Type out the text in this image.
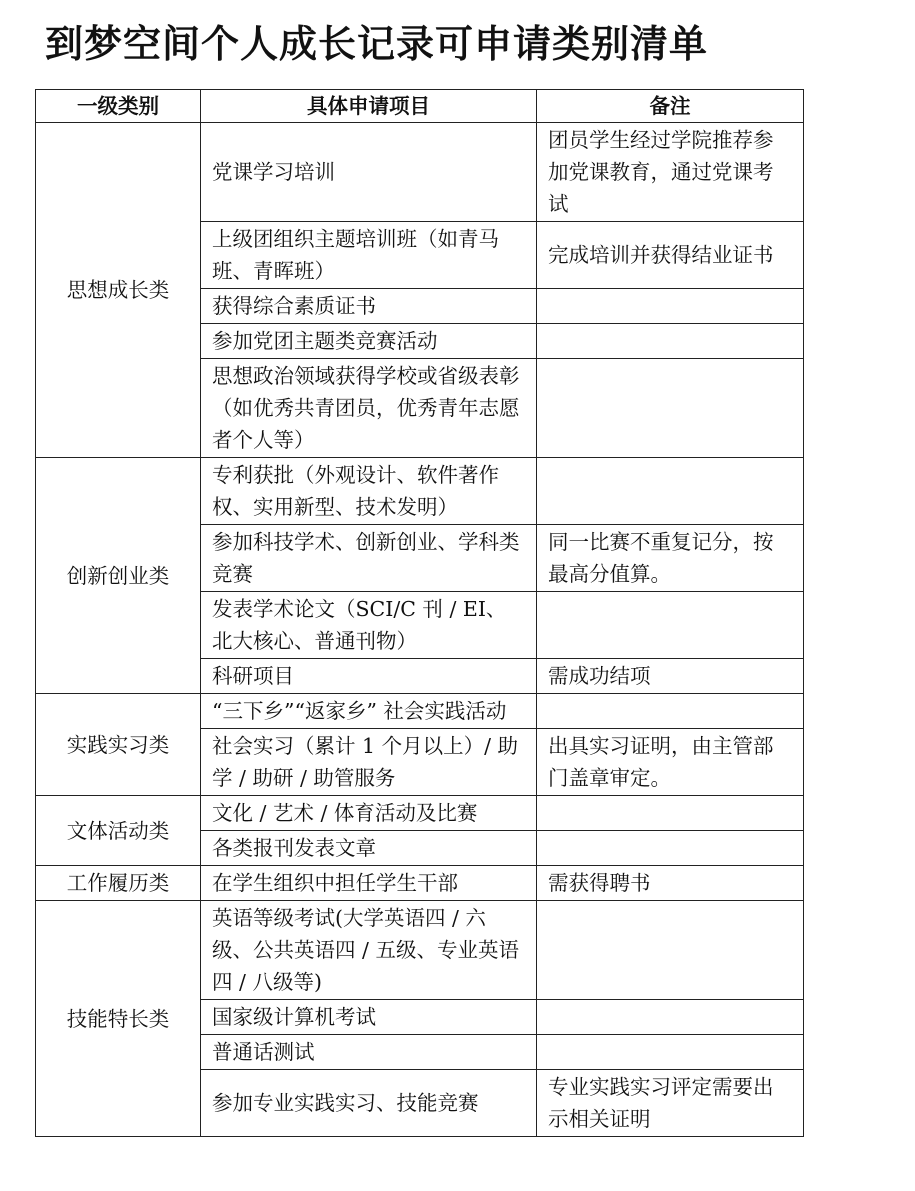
到梦空间个人成长记录可申请类别清单
一级类别	具体申请项目	备注
思想成长类	党课学习培训	团员学生经过学院推荐参加党课教育，通过党课考试
	上级团组织主题培训班（如青马班、青晖班）	完成培训并获得结业证书
	获得综合素质证书	
	参加党团主题类竞赛活动	
	思想政治领域获得学校或省级表彰（如优秀共青团员，优秀青年志愿者个人等）	
创新创业类	专利获批（外观设计、软件著作权、实用新型、技术发明）	
	参加科技学术、创新创业、学科类竞赛	同一比赛不重复记分，按最高分值算。
	发表学术论文（SCI/C 刊 / EI、北大核心、普通刊物）	
	科研项目	需成功结项
实践实习类	“三下乡”“返家乡” 社会实践活动	
	社会实习（累计 1 个月以上）/ 助学 / 助研 / 助管服务	出具实习证明，由主管部门盖章审定。
文体活动类	文化 / 艺术 / 体育活动及比赛	
	各类报刊发表文章	
工作履历类	在学生组织中担任学生干部	需获得聘书
技能特长类	英语等级考试(大学英语四 / 六级、公共英语四 / 五级、专业英语四 / 八级等)	
	国家级计算机考试	
	普通话测试	
	参加专业实践实习、技能竞赛	专业实践实习评定需要出示相关证明
